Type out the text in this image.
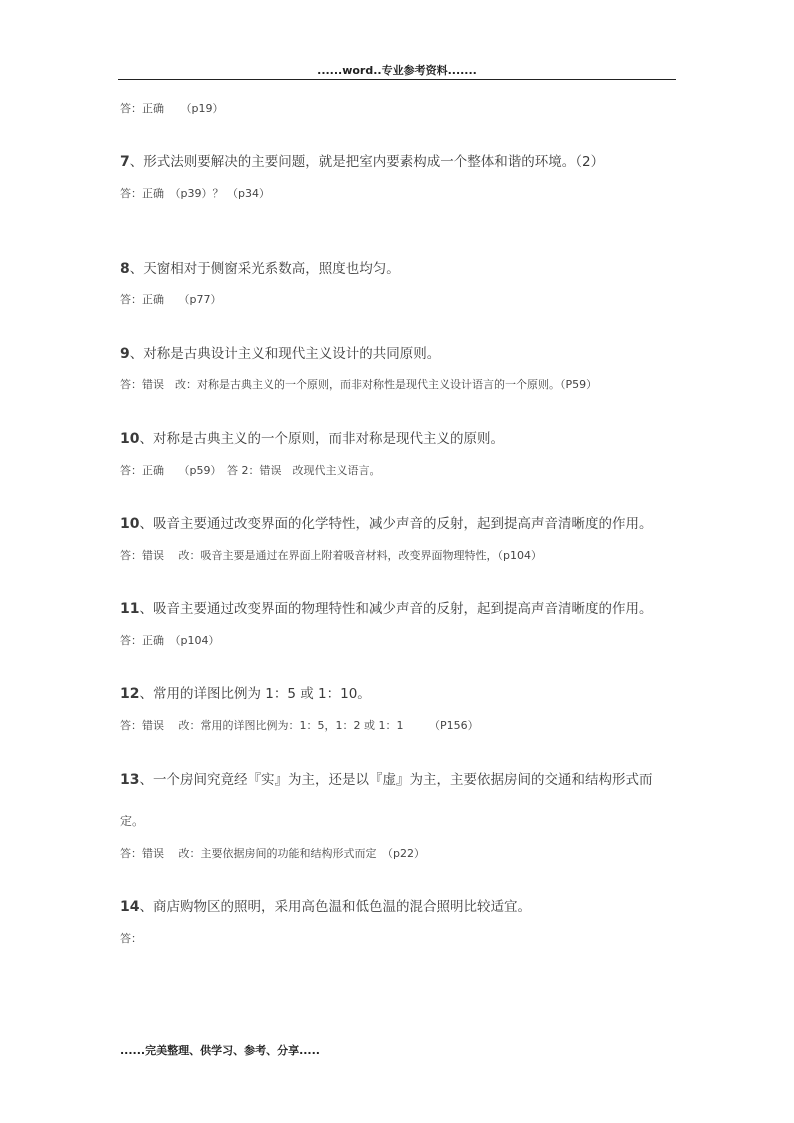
......word..专业参考资料.......
答：正确　　（p19）
7、形式法则要解决的主要问题，就是把室内要素构成一个整体和谐的环境。（2）
答：正确　（p39）？ （p34）
8、天窗相对于侧窗采光系数高，照度也均匀。
答：正确　 （p77）
9、对称是古典设计主义和现代主义设计的共同原则。
答：错误　改：对称是古典主义的一个原则，而非对称性是现代主义设计语言的一个原则。（P59）
10、对称是古典主义的一个原则，而非对称是现代主义的原则。
答：正确　 （p59）　答 2：错误　改现代主义语言。
10、吸音主要通过改变界面的化学特性，减少声音的反射，起到提高声音清晰度的作用。
答：错误　 改：吸音主要是通过在界面上附着吸音材料，改变界面物理特性，（p104）
11、吸音主要通过改变界面的物理特性和减少声音的反射，起到提高声音清晰度的作用。
答：正确　（p104）
12、常用的详图比例为 1：5 或 1：10。
答：错误　 改：常用的详图比例为：1：5，1：2 或 1：1　　 （P156）
13、一个房间究竟经『实』为主，还是以『虚』为主，主要依据房间的交通和结构形式而
定。
答：错误　 改：主要依据房间的功能和结构形式而定　（p22）
14、商店购物区的照明，采用高色温和低色温的混合照明比较适宜。
答：
......完美整理、供学习、参考、分享.....
